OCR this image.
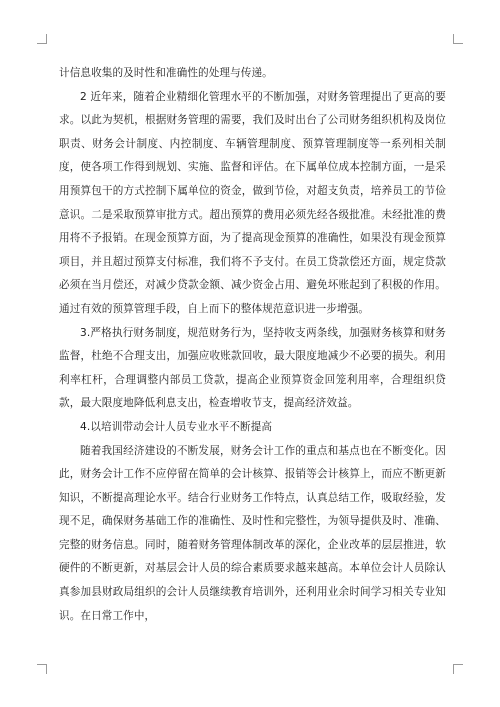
计信息收集的及时性和准确性的处理与传递。

2 近年来，随着企业精细化管理水平的不断加强，对财务管理提出了更高的要求。以此为契机，根据财务管理的需要，我们及时出台了公司财务组织机构及岗位职责、财务会计制度、内控制度、车辆管理制度、预算管理制度等一系列相关制度，使各项工作得到规划、实施、监督和评估。在下属单位成本控制方面，一是采用预算包干的方式控制下属单位的资金，做到节俭，对超支负责，培养员工的节俭意识。二是采取预算审批方式。超出预算的费用必须先经各级批准。未经批准的费用将不予报销。在现金预算方面，为了提高现金预算的准确性，如果没有现金预算项目，并且超过预算支付标准，我们将不予支付。在员工贷款偿还方面，规定贷款必须在当月偿还，对减少贷款金额、减少资金占用、避免坏账起到了积极的作用。通过有效的预算管理手段，自上而下的整体规范意识进一步增强。

3.严格执行财务制度，规范财务行为，坚持收支两条线，加强财务核算和财务监督，杜绝不合理支出，加强应收账款回收，最大限度地减少不必要的损失。利用利率杠杆，合理调整内部员工贷款，提高企业预算资金回笼利用率，合理组织贷款，最大限度地降低利息支出，检查增收节支，提高经济效益。

4.以培训带动会计人员专业水平不断提高

随着我国经济建设的不断发展，财务会计工作的重点和基点也在不断变化。因此，财务会计工作不应停留在简单的会计核算、报销等会计核算上，而应不断更新知识，不断提高理论水平。结合行业财务工作特点，认真总结工作，吸取经验，发现不足，确保财务基础工作的准确性、及时性和完整性，为领导提供及时、准确、完整的财务信息。同时，随着财务管理体制改革的深化，企业改革的层层推进，软硬件的不断更新，对基层会计人员的综合素质要求越来越高。本单位会计人员除认真参加县财政局组织的会计人员继续教育培训外，还利用业余时间学习相关专业知识。在日常工作中，
